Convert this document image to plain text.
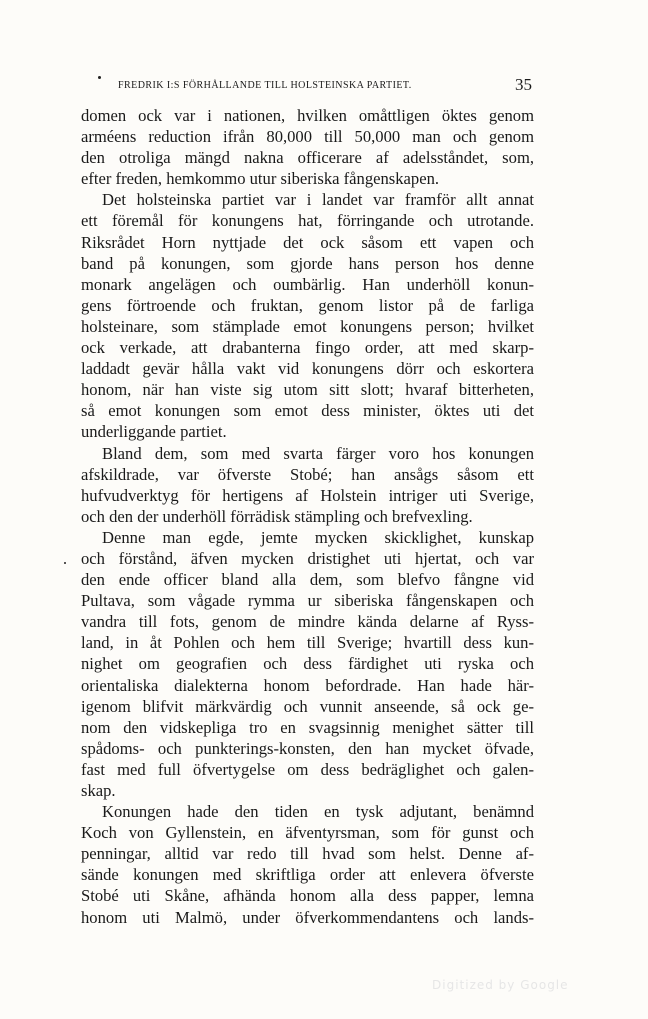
FREDRIK I:S FÖRHÅLLANDE TILL HOLSTEINSKA PARTIET.	35
domen ock var i nationen, hvilken omåttligen öktes genom
arméens reduction ifrån 80,000 till 50,000 man och genom
den otroliga mängd nakna officerare af adelsståndet, som,
efter freden, hemkommo utur siberiska fångenskapen.
Det holsteinska partiet var i landet var framför allt annat
ett föremål för konungens hat, förringande och utrotande.
Riksrådet Horn nyttjade det ock såsom ett vapen och
band på konungen, som gjorde hans person hos denne
monark angelägen och oumbärlig. Han underhöll konun-
gens förtroende och fruktan, genom listor på de farliga
holsteinare, som stämplade emot konungens person; hvilket
ock verkade, att drabanterna fingo order, att med skarp-
laddadt gevär hålla vakt vid konungens dörr och eskortera
honom, när han viste sig utom sitt slott; hvaraf bitterheten,
så emot konungen som emot dess minister, öktes uti det
underliggande partiet.
Bland dem, som med svarta färger voro hos konungen
afskildrade, var öfverste Stobé; han ansågs såsom ett
hufvudverktyg för hertigens af Holstein intriger uti Sverige,
och den der underhöll förrädisk stämpling och brefvexling.
Denne man egde, jemte mycken skicklighet, kunskap
och förstånd, äfven mycken dristighet uti hjertat, och var
den ende officer bland alla dem, som blefvo fångne vid
Pultava, som vågade rymma ur siberiska fångenskapen och
vandra till fots, genom de mindre kända delarne af Ryss-
land, in åt Pohlen och hem till Sverige; hvartill dess kun-
nighet om geografien och dess färdighet uti ryska och
orientaliska dialekterna honom befordrade. Han hade här-
igenom blifvit märkvärdig och vunnit anseende, så ock ge-
nom den vidskepliga tro en svagsinnig menighet sätter till
spådoms- och punkterings-konsten, den han mycket öfvade,
fast med full öfvertygelse om dess bedräglighet och galen-
skap.
Konungen hade den tiden en tysk adjutant, benämnd
Koch von Gyllenstein, en äfventyrsman, som för gunst och
penningar, alltid var redo till hvad som helst. Denne af-
sände konungen med skriftliga order att enlevera öfverste
Stobé uti Skåne, afhända honom alla dess papper, lemna
honom uti Malmö, under öfverkommendantens och lands-
Digitized by Google
